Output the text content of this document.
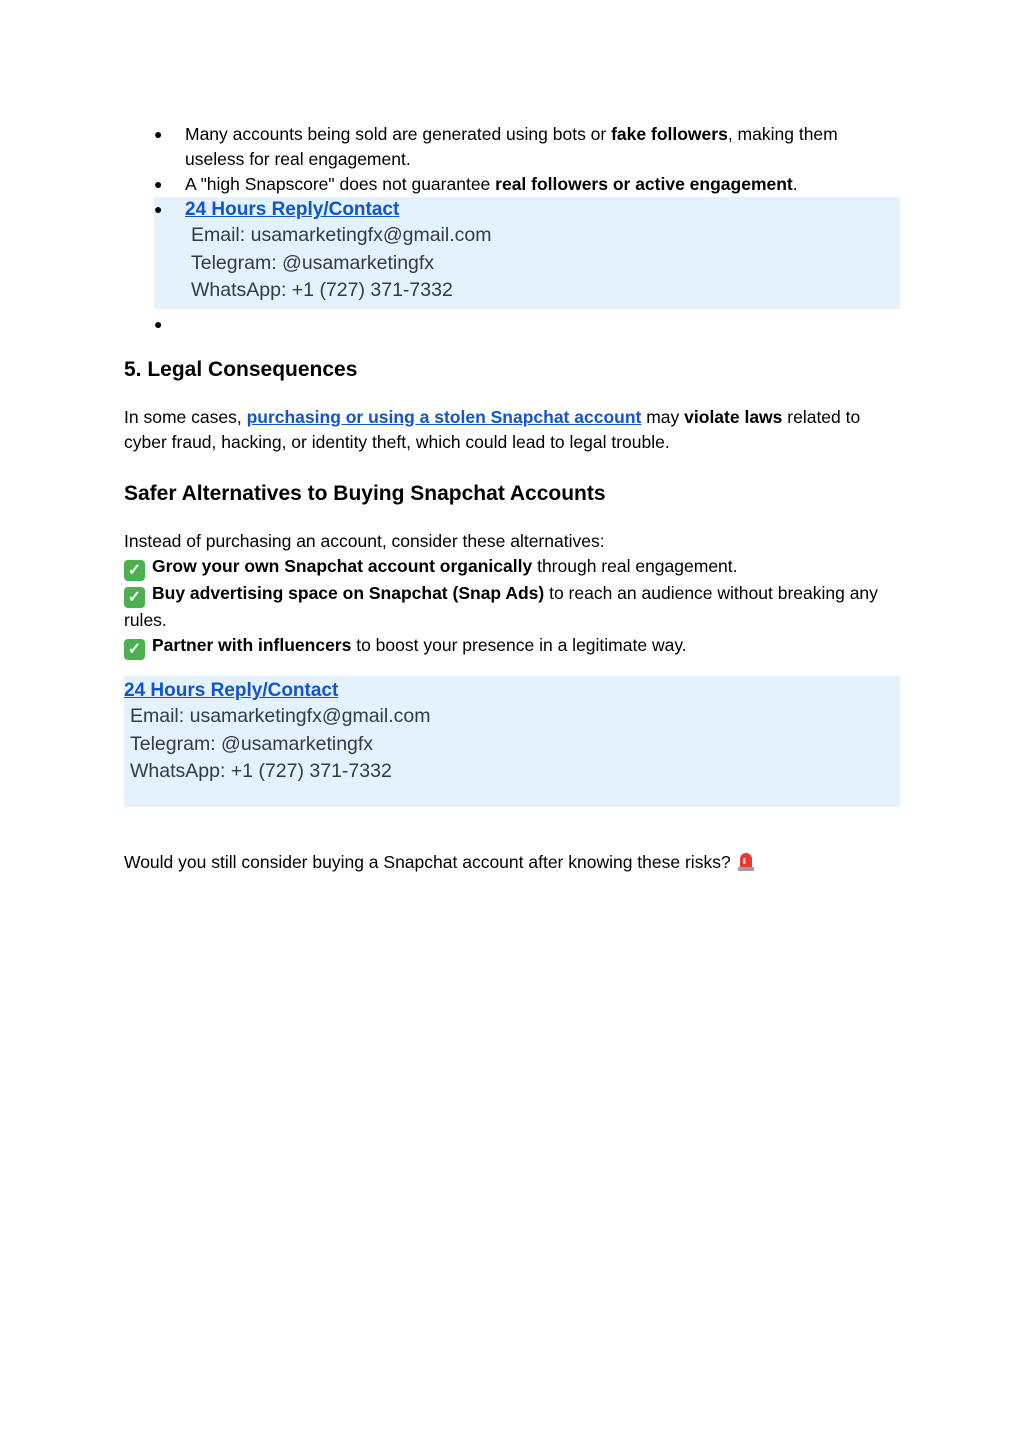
● Many accounts being sold are generated using bots or fake followers, making them useless for real engagement.
● A "high Snapscore" does not guarantee real followers or active engagement.
● 24 Hours Reply/Contact
Email: usamarketingfx@gmail.com
Telegram: @usamarketingfx
WhatsApp: +1 (727) 371-7332
●

5. Legal Consequences

In some cases, purchasing or using a stolen Snapchat account may violate laws related to cyber fraud, hacking, or identity theft, which could lead to legal trouble.

Safer Alternatives to Buying Snapchat Accounts
Instead of purchasing an account, consider these alternatives:
✓ Grow your own Snapchat account organically through real engagement.
✓ Buy advertising space on Snapchat (Snap Ads) to reach an audience without breaking any rules.
✓ Partner with influencers to boost your presence in a legitimate way.
24 Hours Reply/Contact
Email: usamarketingfx@gmail.com
Telegram: @usamarketingfx
WhatsApp: +1 (727) 371-7332

Would you still consider buying a Snapchat account after knowing these risks?
